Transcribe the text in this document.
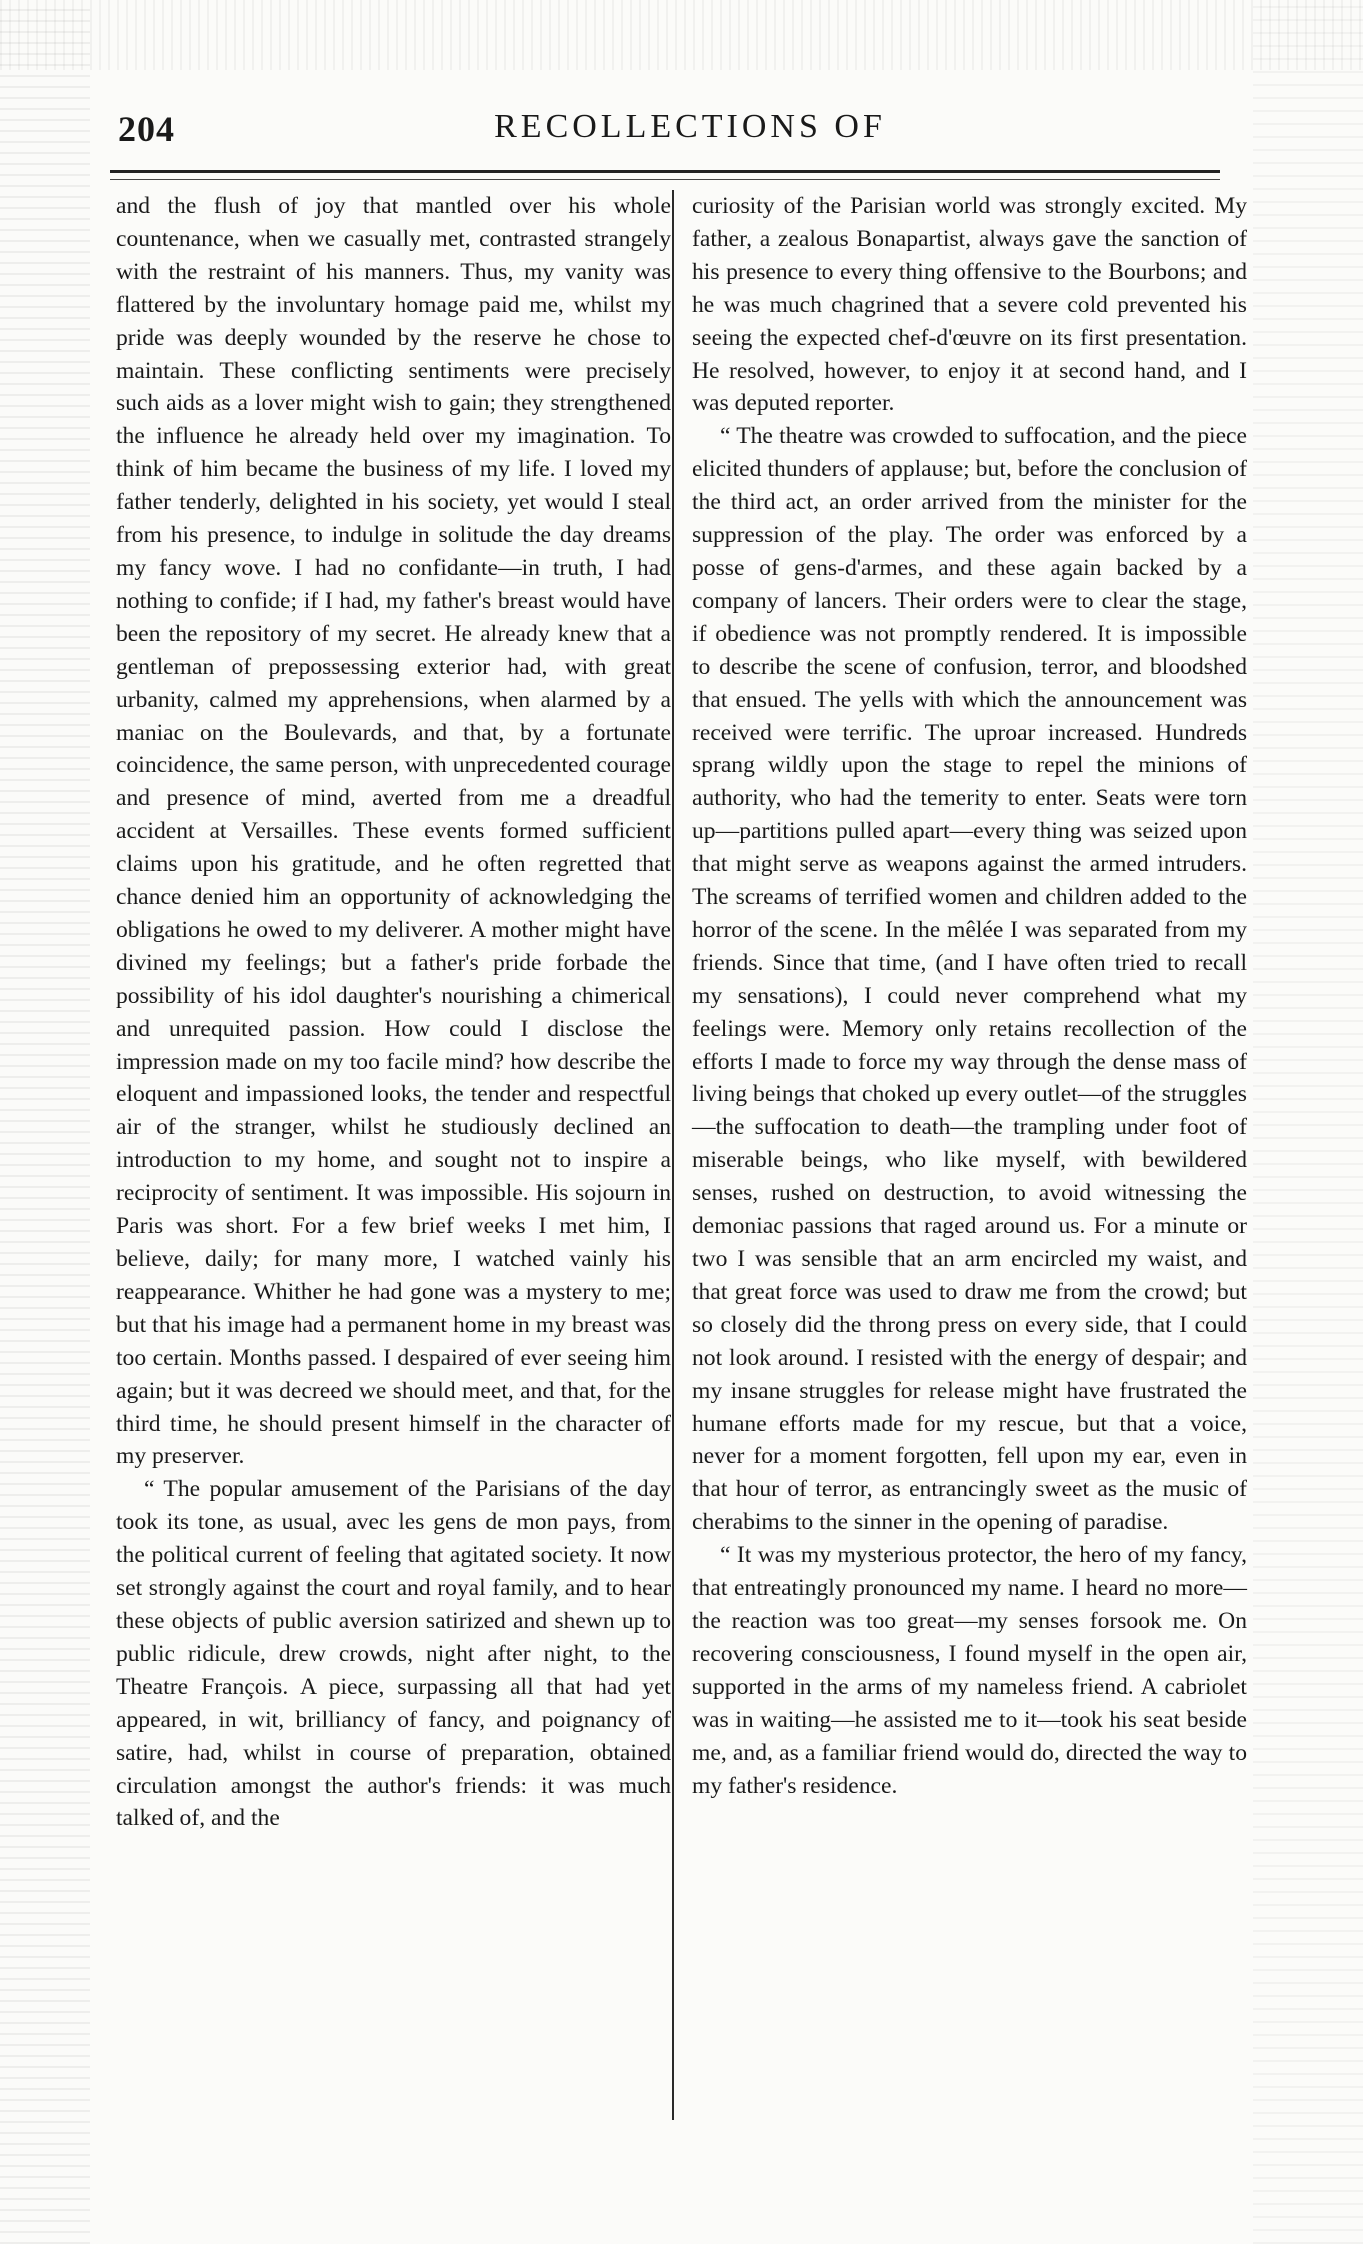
204	RECOLLECTIONS OF

and the flush of joy that mantled over his whole countenance, when we casually met, contrasted strangely with the restraint of his manners. Thus, my vanity was flattered by the involuntary homage paid me, whilst my pride was deeply wounded by the reserve he chose to maintain. These conflicting sentiments were precisely such aids as a lover might wish to gain; they strengthened the influence he already held over my imagination. To think of him became the business of my life. I loved my father tenderly, delighted in his society, yet would I steal from his presence, to indulge in solitude the day dreams my fancy wove. I had no confidante—in truth, I had nothing to confide; if I had, my father's breast would have been the repository of my secret. He already knew that a gentleman of prepossessing exterior had, with great urbanity, calmed my apprehensions, when alarmed by a maniac on the Boulevards, and that, by a fortunate coincidence, the same person, with unprecedented courage and presence of mind, averted from me a dreadful accident at Versailles. These events formed sufficient claims upon his gratitude, and he often regretted that chance denied him an opportunity of acknowledging the obligations he owed to my deliverer. A mother might have divined my feelings; but a father's pride forbade the possibility of his idol daughter's nourishing a chimerical and unrequited passion. How could I disclose the impression made on my too facile mind? how describe the eloquent and impassioned looks, the tender and respectful air of the stranger, whilst he studiously declined an introduction to my home, and sought not to inspire a reciprocity of sentiment. It was impossible. His sojourn in Paris was short. For a few brief weeks I met him, I believe, daily; for many more, I watched vainly his reappearance. Whither he had gone was a mystery to me; but that his image had a permanent home in my breast was too certain. Months passed. I despaired of ever seeing him again; but it was decreed we should meet, and that, for the third time, he should present himself in the character of my preserver.

“ The popular amusement of the Parisians of the day took its tone, as usual, avec les gens de mon pays, from the political current of feeling that agitated society. It now set strongly against the court and royal family, and to hear these objects of public aversion satirized and shewn up to public ridicule, drew crowds, night after night, to the Theatre François. A piece, surpassing all that had yet appeared, in wit, brilliancy of fancy, and poignancy of satire, had, whilst in course of preparation, obtained circulation amongst the author's friends: it was much talked of, and the

curiosity of the Parisian world was strongly excited. My father, a zealous Bonapartist, always gave the sanction of his presence to every thing offensive to the Bourbons; and he was much chagrined that a severe cold prevented his seeing the expected chef-d'œuvre on its first presentation. He resolved, however, to enjoy it at second hand, and I was deputed reporter.

“ The theatre was crowded to suffocation, and the piece elicited thunders of applause; but, before the conclusion of the third act, an order arrived from the minister for the suppression of the play. The order was enforced by a posse of gens-d'armes, and these again backed by a company of lancers. Their orders were to clear the stage, if obedience was not promptly rendered. It is impossible to describe the scene of confusion, terror, and bloodshed that ensued. The yells with which the announcement was received were terrific. The uproar increased. Hundreds sprang wildly upon the stage to repel the minions of authority, who had the temerity to enter. Seats were torn up—partitions pulled apart—every thing was seized upon that might serve as weapons against the armed intruders. The screams of terrified women and children added to the horror of the scene. In the mêlée I was separated from my friends. Since that time, (and I have often tried to recall my sensations), I could never comprehend what my feelings were. Memory only retains recollection of the efforts I made to force my way through the dense mass of living beings that choked up every outlet—of the struggles—the suffocation to death—the trampling under foot of miserable beings, who like myself, with bewildered senses, rushed on destruction, to avoid witnessing the demoniac passions that raged around us. For a minute or two I was sensible that an arm encircled my waist, and that great force was used to draw me from the crowd; but so closely did the throng press on every side, that I could not look around. I resisted with the energy of despair; and my insane struggles for release might have frustrated the humane efforts made for my rescue, but that a voice, never for a moment forgotten, fell upon my ear, even in that hour of terror, as entrancingly sweet as the music of cherabims to the sinner in the opening of paradise.

“ It was my mysterious protector, the hero of my fancy, that entreatingly pronounced my name. I heard no more—the reaction was too great—my senses forsook me. On recovering consciousness, I found myself in the open air, supported in the arms of my nameless friend. A cabriolet was in waiting—he assisted me to it—took his seat beside me, and, as a familiar friend would do, directed the way to my father's residence.
